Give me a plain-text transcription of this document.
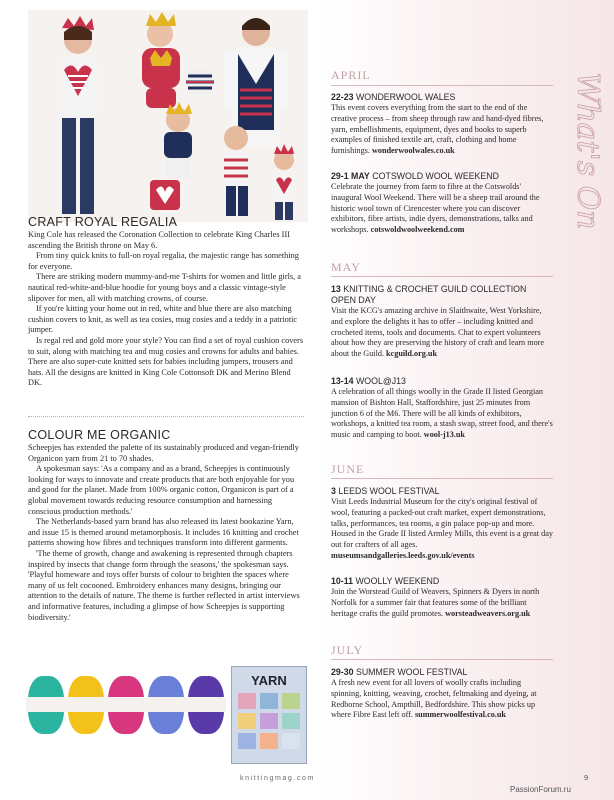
CRAFT ROYAL REGALIA

King Cole has released the Coronation Collection to celebrate King Charles III ascending the British throne on May 6.

From tiny quick knits to full-on royal regalia, the majestic range has something for everyone.

There are striking modern mummy-and-me T-shirts for women and little girls, a nautical red-white-and-blue hoodie for young boys and a classic vintage-style slipover for men, all with matching crowns, of course.

If you're kitting your home out in red, white and blue there are also matching cushion covers to knit, as well as tea cosies, mug cosies and a teddy in a patriotic jumper.

Is regal red and gold more your style? You can find a set of royal cushion covers to suit, along with matching tea and mug cosies and crowns for adults and babies. There are also super-cute knitted sets for babies including jumpers, trousers and hats. All the designs are knitted in King Cole Cottonsoft DK and Merino Blend DK.

COLOUR ME ORGANIC

Scheepjes has extended the palette of its sustainably produced and vegan-friendly Organicon yarn from 21 to 70 shades.

A spokesman says: 'As a company and as a brand, Scheepjes is continuously looking for ways to innovate and create products that are both enjoyable for you and good for the planet. Made from 100% organic cotton, Organicon is part of a global movement towards reducing resource consumption and harnessing conscious production methods.'

The Netherlands-based yarn brand has also released its latest bookazine Yarn, and issue 15 is themed around metamorphosis. It includes 16 knitting and crochet patterns showing how fibres and techniques transform into different garments.

'The theme of growth, change and awakening is represented through chapters inspired by insects that change form through the seasons,' the spokesman says. 'Playful homeware and toys offer bursts of colour to brighten the spaces where many of us felt cocooned. Embroidery enhances many designs, bringing our attention to the details of nature. The theme is further reflected in artist interviews and informative features, including a glimpse of how Scheepjes is supporting biodiversity.'

YARN
What's On
APRIL

22-23 WONDERWOOL WALES

This event covers everything from the start to the end of the creative process – from sheep through raw and hand-dyed fibres, yarn, embellishments, equipment, dyes and books to superb examples of finished textile art, craft, clothing and home furnishings. wonderwoolwales.co.uk

29-1 MAY COTSWOLD WOOL WEEKEND

Celebrate the journey from farm to fibre at the Cotswolds' inaugural Wool Weekend. There will be a sheep trail around the historic wool town of Cirencester where you can discover exhibitors, fibre artists, indie dyers, demonstrations, talks and workshops. cotswoldwoolweekend.com

MAY

13 KNITTING & CROCHET GUILD COLLECTION OPEN DAY

Visit the KCG's amazing archive in Slaithwaite, West Yorkshire, and explore the delights it has to offer – including knitted and crocheted items, tools and documents. Chat to expert volunteers about how they are preserving the history of craft and learn more about the Guild. kcguild.org.uk

13-14 WOOL@J13

A celebration of all things woolly in the Grade II listed Georgian mansion of Bishton Hall, Staffordshire, just 25 minutes from junction 6 of the M6. There will be all kinds of exhibitors, workshops, a knitted tea room, a stash swap, street food, and there's music and camping to boot. wool-j13.uk

JUNE

3 LEEDS WOOL FESTIVAL

Visit Leeds Industrial Museum for the city's original festival of wool, featuring a packed-out craft market, expert demonstrations, talks, performances, tea rooms, a gin palace pop-up and more. Housed in the Grade II listed Armley Mills, this event is a great day out for crafters of all ages. museumsandgalleries.leeds.gov.uk/events

10-11 WOOLLY WEEKEND

Join the Worstead Guild of Weavers, Spinners & Dyers in north Norfolk for a summer fair that features some of the brilliant heritage crafts the guild promotes. worsteadweavers.org.uk

JULY

29-30 SUMMER WOOL FESTIVAL

A fresh new event for all lovers of woolly crafts including spinning, knitting, weaving, crochet, feltmaking and dyeing, at Redborne School, Ampthill, Bedfordshire. This show picks up where Fibre East left off. summerwoolfestival.co.uk

knittingmag.com	9
PassionForum.ru
